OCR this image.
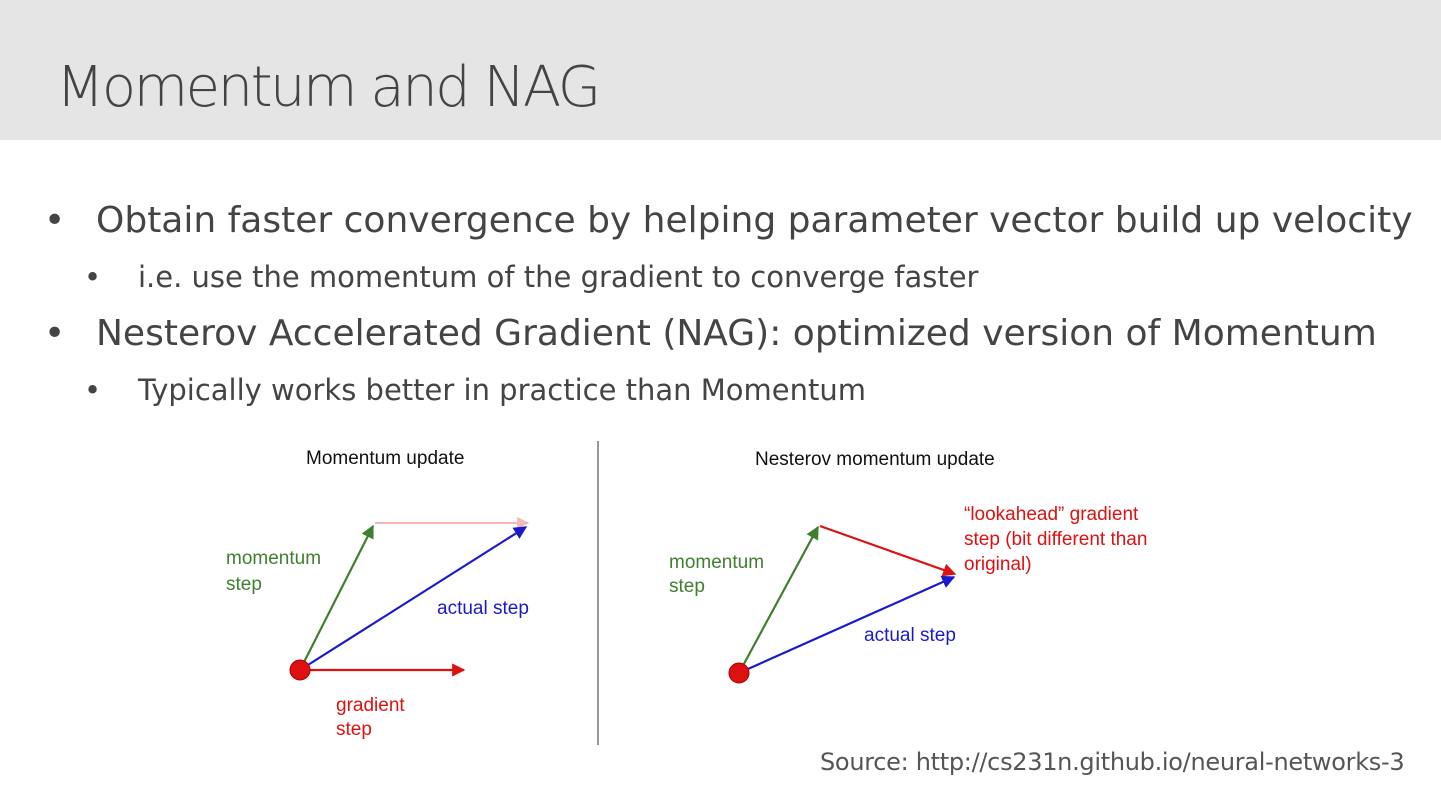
Momentum and NAG
• Obtain faster convergence by helping parameter vector build up velocity
• i.e. use the momentum of the gradient to converge faster
• Nesterov Accelerated Gradient (NAG): optimized version of Momentum
• Typically works better in practice than Momentum
Momentum update
momentum step
actual step
gradient step
Nesterov momentum update
momentum step
actual step
“lookahead” gradient step (bit different than original)
Source: http://cs231n.github.io/neural-networks-3
